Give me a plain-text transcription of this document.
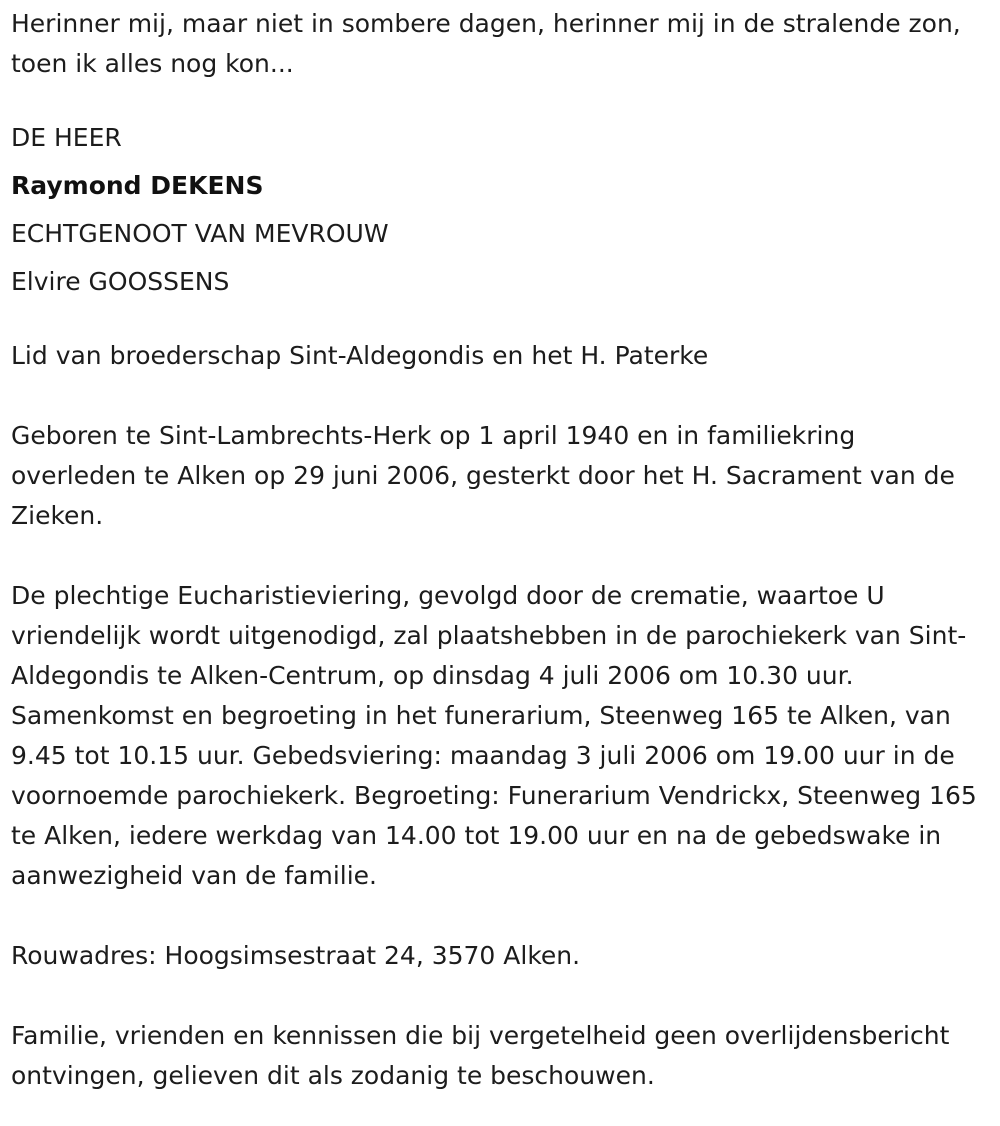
Herinner mij, maar niet in sombere dagen, herinner mij in de stralende zon, toen ik alles nog kon...

DE HEER
Raymond DEKENS
ECHTGENOOT VAN MEVROUW
Elvire GOOSSENS

Lid van broederschap Sint-Aldegondis en het H. Paterke

Geboren te Sint-Lambrechts-Herk op 1 april 1940 en in familiekring overleden te Alken op 29 juni 2006, gesterkt door het H. Sacrament van de Zieken.

De plechtige Eucharistieviering, gevolgd door de crematie, waartoe U vriendelijk wordt uitgenodigd, zal plaatshebben in de parochiekerk van Sint-Aldegondis te Alken-Centrum, op dinsdag 4 juli 2006 om 10.30 uur. Samenkomst en begroeting in het funerarium, Steenweg 165 te Alken, van 9.45 tot 10.15 uur. Gebedsviering: maandag 3 juli 2006 om 19.00 uur in de voornoemde parochiekerk. Begroeting: Funerarium Vendrickx, Steenweg 165 te Alken, iedere werkdag van 14.00 tot 19.00 uur en na de gebedswake in aanwezigheid van de familie.

Rouwadres: Hoogsimsestraat 24, 3570 Alken.

Familie, vrienden en kennissen die bij vergetelheid geen overlijdensbericht ontvingen, gelieven dit als zodanig te beschouwen.
